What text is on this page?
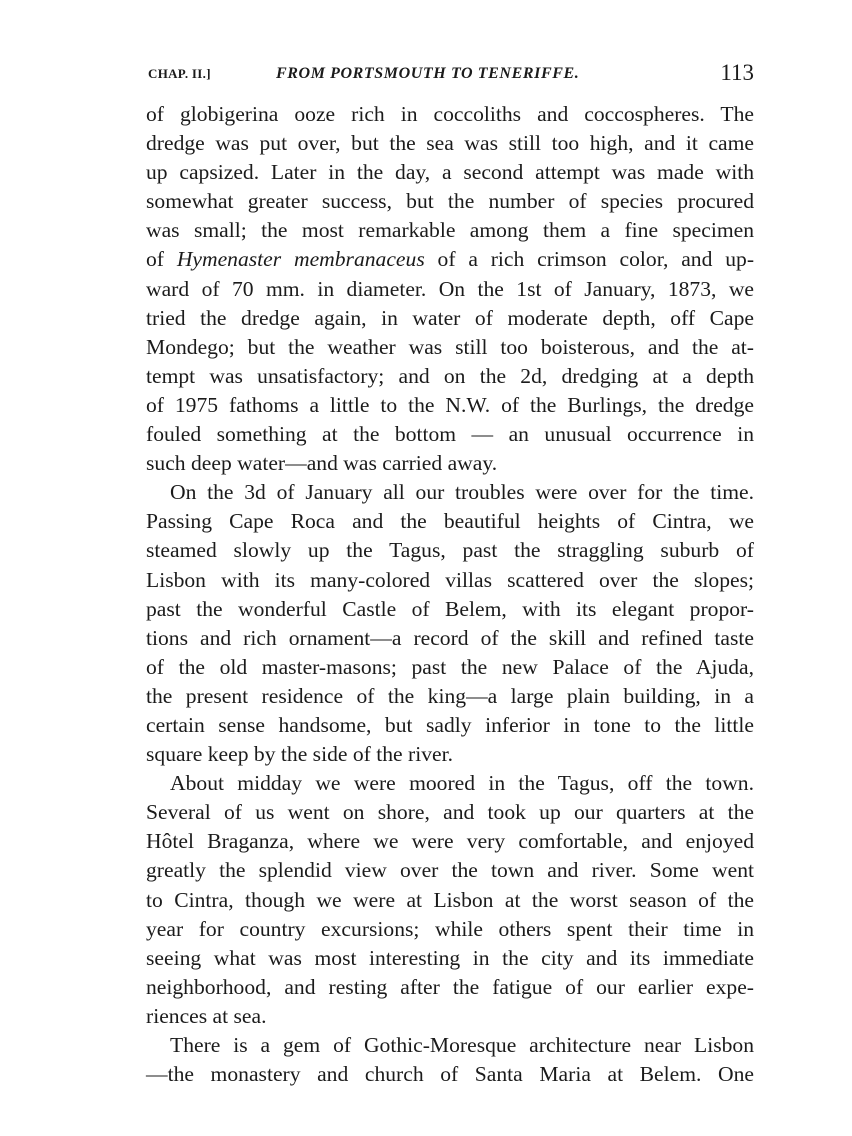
CHAP. II.]	FROM PORTSMOUTH TO TENERIFFE.	113
of globigerina ooze rich in coccoliths and coccospheres. The
dredge was put over, but the sea was still too high, and it came
up capsized. Later in the day, a second attempt was made with
somewhat greater success, but the number of species procured
was small; the most remarkable among them a fine specimen
of Hymenaster membranaceus of a rich crimson color, and up-
ward of 70 mm. in diameter. On the 1st of January, 1873, we
tried the dredge again, in water of moderate depth, off Cape
Mondego; but the weather was still too boisterous, and the at-
tempt was unsatisfactory; and on the 2d, dredging at a depth
of 1975 fathoms a little to the N.W. of the Burlings, the dredge
fouled something at the bottom — an unusual occurrence in
such deep water—and was carried away.
On the 3d of January all our troubles were over for the time.
Passing Cape Roca and the beautiful heights of Cintra, we
steamed slowly up the Tagus, past the straggling suburb of
Lisbon with its many-colored villas scattered over the slopes;
past the wonderful Castle of Belem, with its elegant propor-
tions and rich ornament—a record of the skill and refined taste
of the old master-masons; past the new Palace of the Ajuda,
the present residence of the king—a large plain building, in a
certain sense handsome, but sadly inferior in tone to the little
square keep by the side of the river.
About midday we were moored in the Tagus, off the town.
Several of us went on shore, and took up our quarters at the
Hôtel Braganza, where we were very comfortable, and enjoyed
greatly the splendid view over the town and river. Some went
to Cintra, though we were at Lisbon at the worst season of the
year for country excursions; while others spent their time in
seeing what was most interesting in the city and its immediate
neighborhood, and resting after the fatigue of our earlier expe-
riences at sea.
There is a gem of Gothic-Moresque architecture near Lisbon
—the monastery and church of Santa Maria at Belem. One
